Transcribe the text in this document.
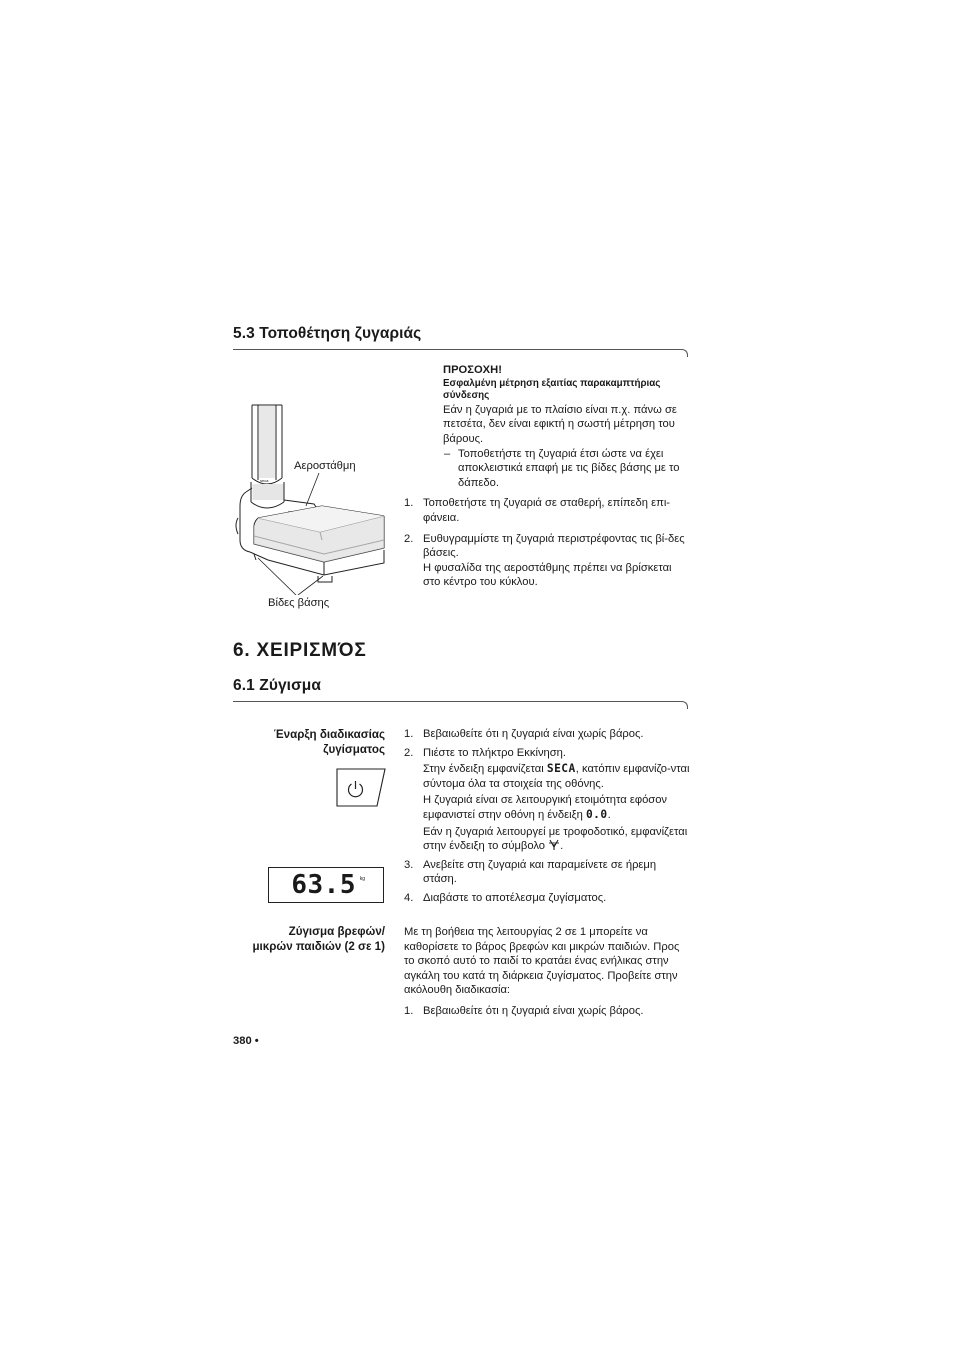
5.3 Τοποθέτηση ζυγαριάς
seca
Αεροστάθμη
Βίδες βάσης
ΠΡΟΣΟΧΗ!
Εσφαλμένη μέτρηση εξαιτίας παρακαμπτήριας σύνδεσης
Εάν η ζυγαριά με το πλαίσιο είναι π.χ. πάνω σε πετσέτα, δεν είναι εφικτή η σωστή μέτρηση του βάρους.
– Τοποθετήστε τη ζυγαριά έτσι ώστε να έχει αποκλειστικά επαφή με τις βίδες βάσης με το δάπεδο.
1. Τοποθετήστε τη ζυγαριά σε σταθερή, επίπεδη επι-φάνεια.
2. Ευθυγραμμίστε τη ζυγαριά περιστρέφοντας τις βί-δες βάσεις.
Η φυσαλίδα της αεροστάθμης πρέπει να βρίσκεται στο κέντρο του κύκλου.
6. ΧΕΙΡΙΣΜΌΣ
6.1 Ζύγισμα
Έναρξη διαδικασίας
ζυγίσματος
63.5 kg
1. Βεβαιωθείτε ότι η ζυγαριά είναι χωρίς βάρος.
2. Πιέστε το πλήκτρο Εκκίνηση.
Στην ένδειξη εμφανίζεται SECA, κατόπιν εμφανίζο-νται σύντομα όλα τα στοιχεία της οθόνης.
Η ζυγαριά είναι σε λειτουργική ετοιμότητα εφόσον εμφανιστεί στην οθόνη η ένδειξη 0.0.
Εάν η ζυγαριά λειτουργεί με τροφοδοτικό, εμφανίζεται στην ένδειξη το σύμβολο .
3. Ανεβείτε στη ζυγαριά και παραμείνετε σε ήρεμη στάση.
4. Διαβάστε το αποτέλεσμα ζυγίσματος.
Ζύγισμα βρεφών/
μικρών παιδιών (2 σε 1)
Με τη βοήθεια της λειτουργίας 2 σε 1 μπορείτε να καθορίσετε το βάρος βρεφών και μικρών παιδιών. Προς το σκοπό αυτό το παιδί το κρατάει ένας ενήλικας στην αγκάλη του κατά τη διάρκεια ζυγίσματος. Προβείτε στην ακόλουθη διαδικασία:
1. Βεβαιωθείτε ότι η ζυγαριά είναι χωρίς βάρος.
380 •
